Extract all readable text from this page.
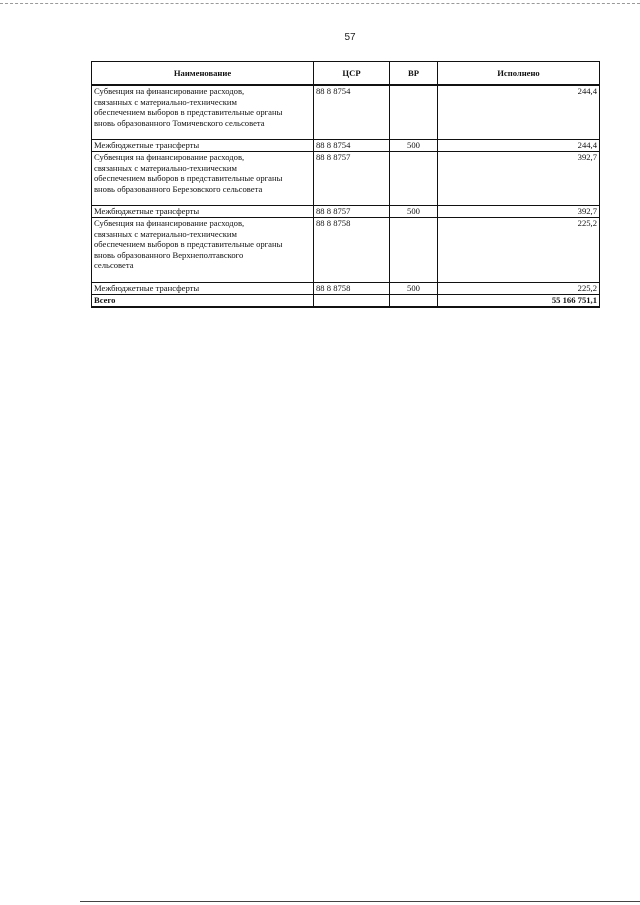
57
Наименование	ЦСР	ВР	Исполнено

Субвенция на финансирование расходов,
связанных с материально-техническим
обеспечением выборов в представительные органы
вновь образованного Томичевского сельсовета	88 8 8754		244,4

Межбюджетные трансферты	88 8 8754	500	244,4

Субвенция на финансирование расходов,
связанных с материально-техническим
обеспечением выборов в представительные органы
вновь образованного Березовского сельсовета	88 8 8757		392,7

Межбюджетные трансферты	88 8 8757	500	392,7

Субвенция на финансирование расходов,
связанных с материально-техническим
обеспечением выборов в представительные органы
вновь образованного Верхнеполтавского
сельсовета	88 8 8758		225,2

Межбюджетные трансферты	88 8 8758	500	225,2
Всего			55 166 751,1
